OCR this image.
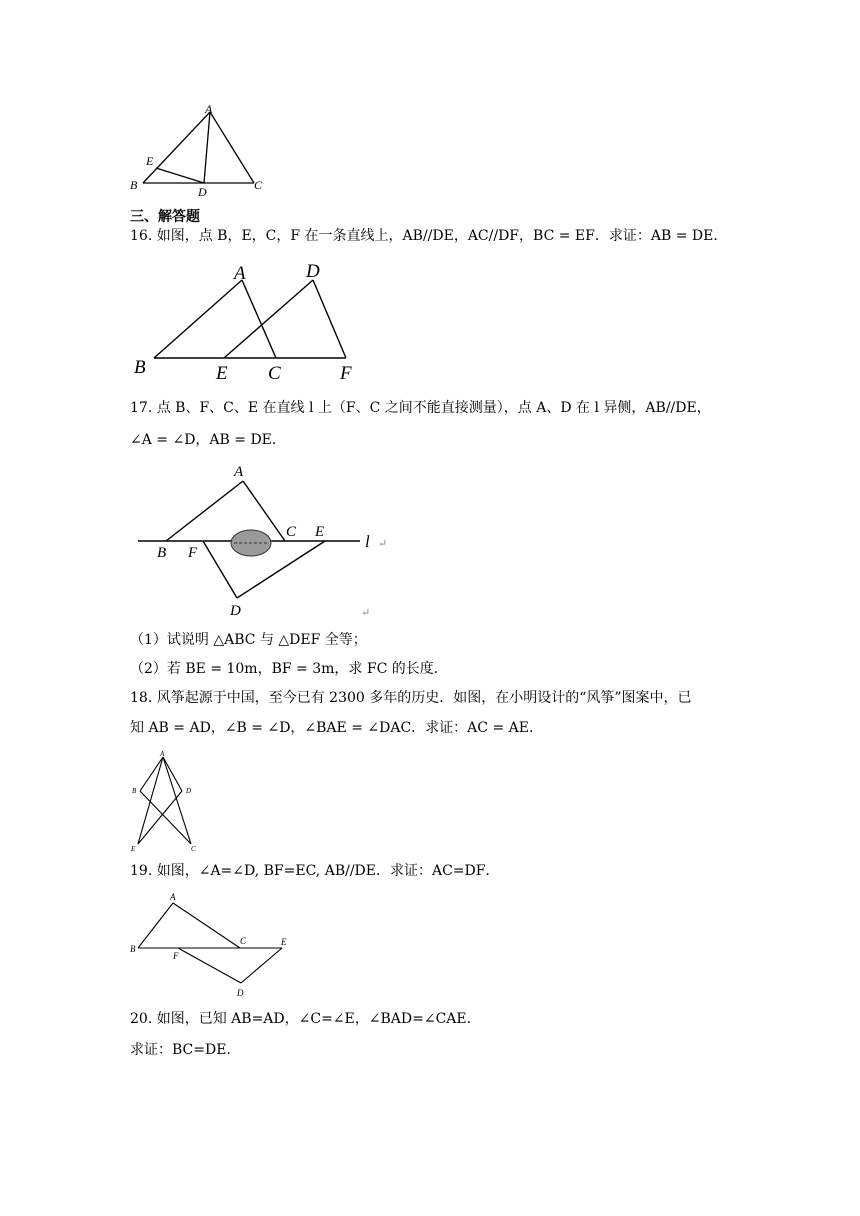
A
B	C
D
E
三、解答题
16. 如图，点 B，E，C，F 在一条直线上，AB//DE，AC//DF，BC = EF．求证：AB = DE．
A	D
B	E C	F
17. 点 B、F、C、E 在直线 l 上（F、C 之间不能直接测量），点 A、D 在 l 异侧，AB//DE，
∠A = ∠D，AB = DE．
A
B F
C E l
D
↵
↵
（1）试说明 △ABC 与 △DEF 全等；
（2）若 BE = 10m，BF = 3m，求 FC 的长度．
18. 风筝起源于中国，至今已有 2300 多年的历史．如图，在小明设计的“风筝”图案中，已
知 AB = AD，∠B = ∠D，∠BAE = ∠DAC．求证：AC = AE．
A
B	D
E	C
19. 如图，∠A=∠D, BF=EC, AB//DE．求证：AC=DF．
A
B
F
C	E
D
20. 如图，已知 AB=AD，∠C=∠E，∠BAD=∠CAE.
求证：BC=DE.
